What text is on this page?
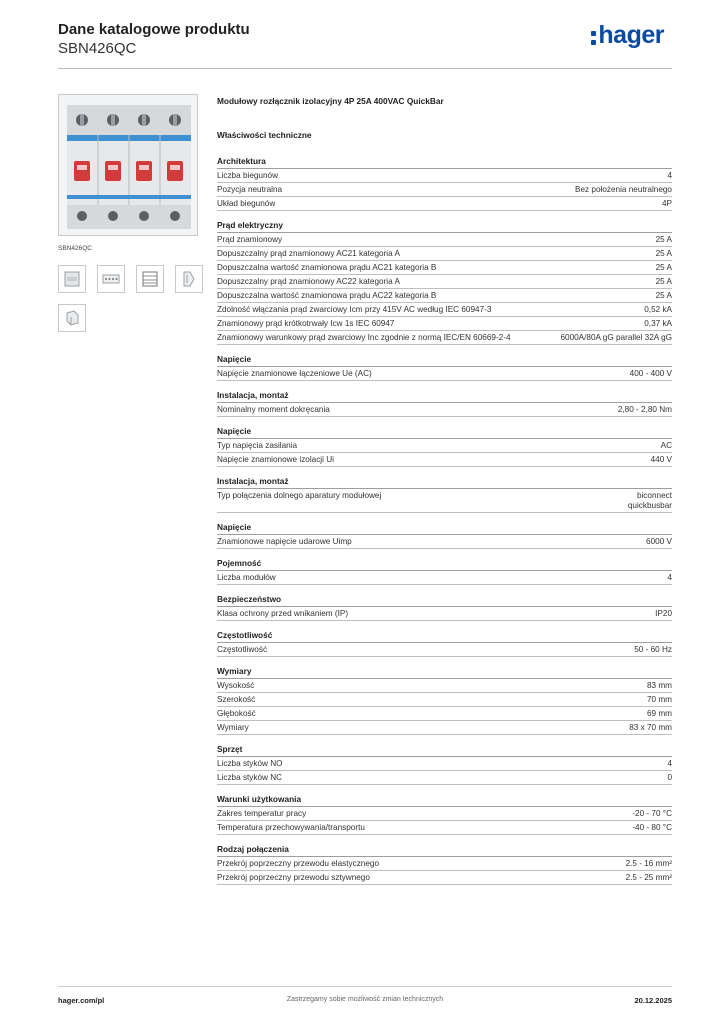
Dane katalogowe produktu
SBN426QC	hager
SBN426QC
Modułowy rozłącznik izolacyjny 4P 25A 400VAC QuickBar
Właściwości techniczne
Architektura
Liczba biegunów	4
Pozycja neutralna	Bez położenia neutralnego
Układ biegunów	4P
Prąd elektryczny
Prąd znamionowy	25 A
Dopuszczalny prąd znamionowy AC21 kategoria A	25 A
Dopuszczalna wartość znamionowa prądu AC21 kategoria B	25 A
Dopuszczalny prąd znamionowy AC22 kategoria A	25 A
Dopuszczalna wartość znamionowa prądu AC22 kategoria B	25 A
Zdolność włączania prąd zwarciowy Icm przy 415V AC według IEC 60947-3	0,52 kA
Znamionowy prąd krótkotrwały Icw 1s IEC 60947	0,37 kA
Znamionowy warunkowy prąd zwarciowy Inc zgodnie z normą IEC/EN 60669-2-4	6000A/80A gG parallel 32A gG
Napięcie
Napięcie znamionowe łączeniowe Ue (AC)	400 - 400 V
Instalacja, montaż
Nominalny moment dokręcania	2,80 - 2,80 Nm
Napięcie
Typ napięcia zasilania	AC
Napięcie znamionowe izolacji Ui	440 V
Instalacja, montaż
Typ połączenia dolnego aparatury modułowej	biconnect quickbusbar
Napięcie
Znamionowe napięcie udarowe Uimp	6000 V
Pojemność
Liczba modułów	4
Bezpieczeństwo
Klasa ochrony przed wnikaniem (IP)	IP20
Częstotliwość
Częstotliwość	50 - 60 Hz
Wymiary
Wysokość	83 mm
Szerokość	70 mm
Głębokość	69 mm
Wymiary	83 x 70 mm
Sprzęt
Liczba styków NO	4
Liczba styków NC	0
Warunki użytkowania
Zakres temperatur pracy	-20 - 70 °C
Temperatura przechowywania/transportu	-40 - 80 °C
Rodzaj połączenia
Przekrój poprzeczny przewodu elastycznego	2.5 - 16 mm²
Przekrój poprzeczny przewodu sztywnego	2.5 - 25 mm²
Zastrzegamy sobie możliwość zmian technicznych
hager.com/pl	20.12.2025
